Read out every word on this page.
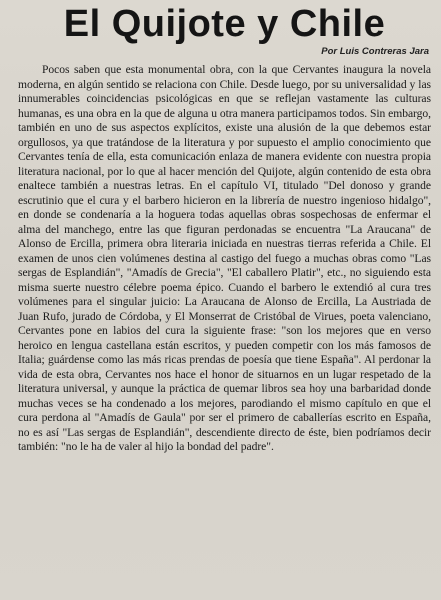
El Quijote y Chile
Por Luis Contreras Jara

Pocos saben que esta monumental obra, con la que Cervantes inaugura la novela moderna, en algún sentido se relaciona con Chile. Desde luego, por su universalidad y las innumerables coincidencias psicológicas en que se reflejan vastamente las culturas humanas, es una obra en la que de alguna u otra manera participamos todos. Sin embargo, también en uno de sus aspectos explícitos, existe una alusión de la que debemos estar orgullosos, ya que tratándose de la literatura y por supuesto el amplio conocimiento que Cervantes tenía de ella, esta comunicación enlaza de manera evidente con nuestra propia literatura nacional, por lo que al hacer mención del Quijote, algún contenido de esta obra enaltece también a nuestras letras. En el capítulo VI, titulado "Del donoso y grande escrutinio que el cura y el barbero hicieron en la librería de nuestro ingenioso hidalgo", en donde se condenaría a la hoguera todas aquellas obras sospechosas de enfermar el alma del manchego, entre las que figuran perdonadas se encuentra "La Araucana" de Alonso de Ercilla, primera obra literaria iniciada en nuestras tierras referida a Chile. El examen de unos cien volúmenes destina al castigo del fuego a muchas obras como "Las sergas de Esplandián", "Amadís de Grecia", "El caballero Platir", etc., no siguiendo esta misma suerte nuestro célebre poema épico. Cuando el barbero le extendió al cura tres volúmenes para el singular juicio: La Araucana de Alonso de Ercilla, La Austriada de Juan Rufo, jurado de Córdoba, y El Monserrat de Cristóbal de Virues, poeta valenciano, Cervantes pone en labios del cura la siguiente frase: "son los mejores que en verso heroico en lengua castellana están escritos, y pueden competir con los más famosos de Italia; guárdense como las más ricas prendas de poesía que tiene España". Al perdonar la vida de esta obra, Cervantes nos hace el honor de situarnos en un lugar respetado de la literatura universal, y aunque la práctica de quemar libros sea hoy una barbaridad donde muchas veces se ha condenado a los mejores, parodiando el mismo capítulo en que el cura perdona al "Amadís de Gaula" por ser el primero de caballerías escrito en España, no es así "Las sergas de Esplandián", descendiente directo de éste, bien podríamos decir también: "no le ha de valer al hijo la bondad del padre".
